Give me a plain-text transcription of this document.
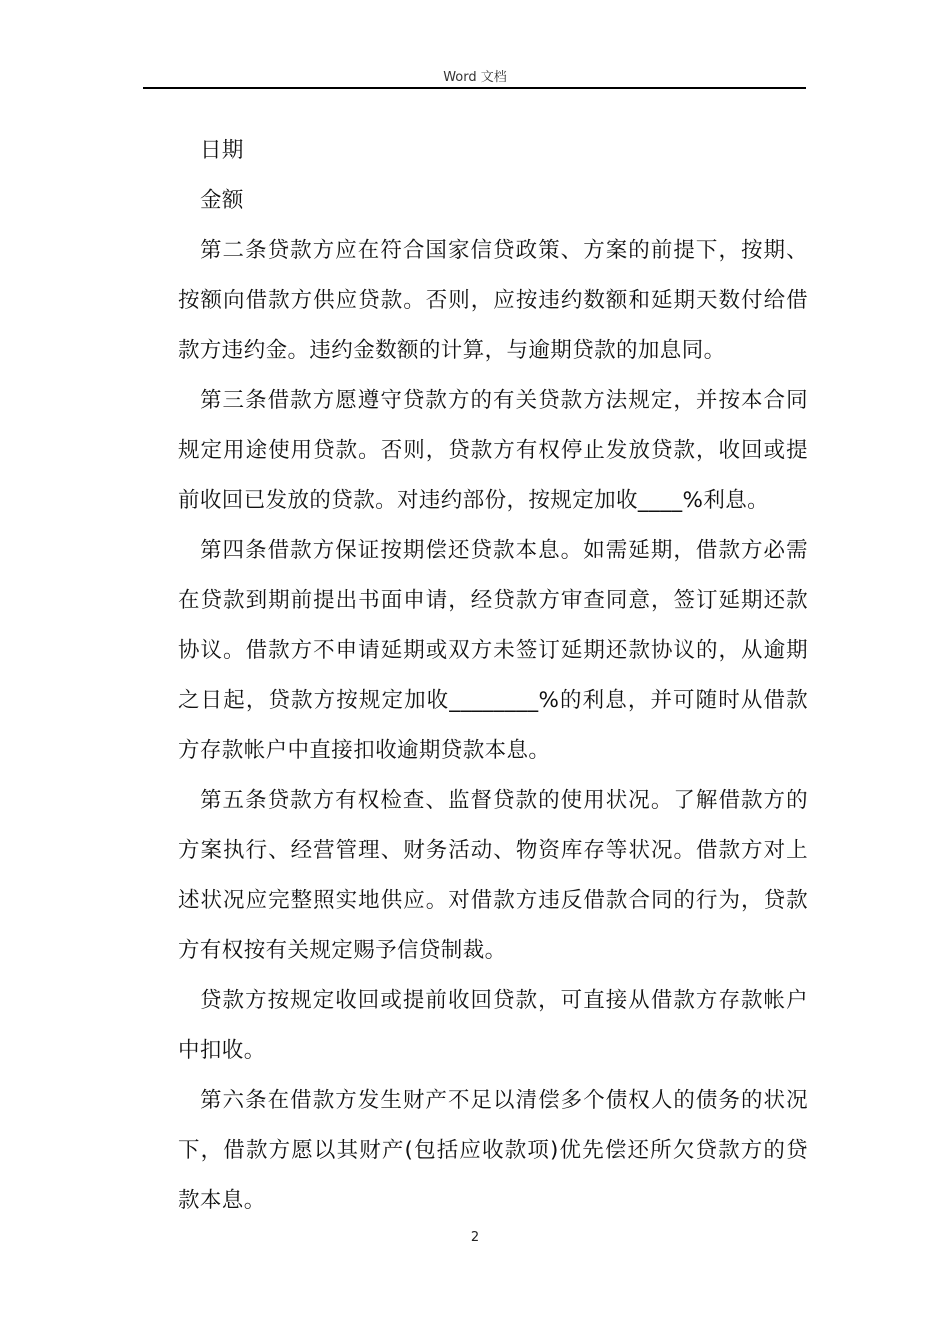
Word 文档

日期

金额

第二条贷款方应在符合国家信贷政策、方案的前提下，按期、按额向借款方供应贷款。否则，应按违约数额和延期天数付给借款方违约金。违约金数额的计算，与逾期贷款的加息同。

第三条借款方愿遵守贷款方的有关贷款方法规定，并按本合同规定用途使用贷款。否则，贷款方有权停止发放贷款，收回或提前收回已发放的贷款。对违约部份，按规定加收____%利息。

第四条借款方保证按期偿还贷款本息。如需延期，借款方必需在贷款到期前提出书面申请，经贷款方审查同意，签订延期还款协议。借款方不申请延期或双方未签订延期还款协议的，从逾期之日起，贷款方按规定加收________%的利息，并可随时从借款方存款帐户中直接扣收逾期贷款本息。

第五条贷款方有权检查、监督贷款的使用状况。了解借款方的方案执行、经营管理、财务活动、物资库存等状况。借款方对上述状况应完整照实地供应。对借款方违反借款合同的行为，贷款方有权按有关规定赐予信贷制裁。

贷款方按规定收回或提前收回贷款，可直接从借款方存款帐户中扣收。

第六条在借款方发生财产不足以清偿多个债权人的债务的状况下，借款方愿以其财产(包括应收款项)优先偿还所欠贷款方的贷款本息。

2
